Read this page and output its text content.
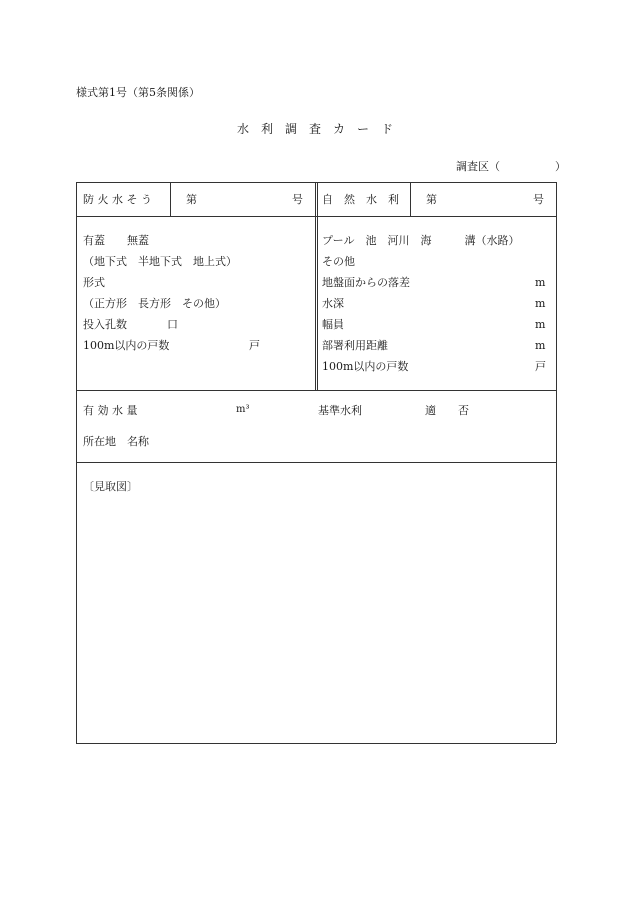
様式第1号（第5条関係）
水　利　調　査　カ　ー　ド
調査区（　　　　　）
防 火 水 そ う	第	号 自　然　水　利 第	号
有蓋　　無蓋
（地下式　半地下式　地上式）
形式
（正方形　長方形　その他）
投入孔数	口
100m以内の戸数	戸
プール　池　河川　海　　　溝（水路）
その他
地盤面からの落差	m
水深	m
幅員	m
部署利用距離	m
100m以内の戸数	戸
有 効 水 量	m³	基準水利	適 否
所在地　名称
〔見取図〕
